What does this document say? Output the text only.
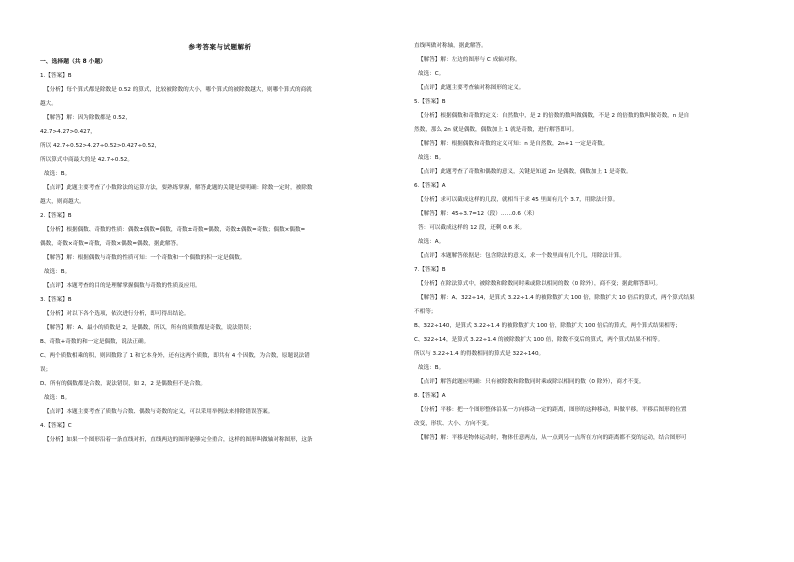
参考答案与试题解析
一、选择题（共 8 小题）
1.【答案】B
【分析】每个算式都是除数是 0.52 的算式，比较被除数的大小，哪个算式的被除数越大，则哪个算式的商就
越大。
【解答】解：因为除数都是 0.52，
42.7>4.27>0.427，
所以 42.7÷0.52>4.27÷0.52>0.427÷0.52，
所以算式中商最大的是 42.7÷0.52。
故选：B。
【点评】此题主要考查了小数除法的运算方法，要熟练掌握，解答此题的关键是要明确：除数一定时，被除数
越大，则商越大。
2.【答案】B
【分析】根据偶数、奇数的性质：偶数±偶数=偶数，奇数±奇数=偶数，奇数±偶数=奇数；偶数×偶数=
偶数，奇数×奇数=奇数，奇数×偶数=偶数，据此解答。
【解答】解：根据偶数与奇数的性质可知：一个奇数和一个偶数的积一定是偶数。
故选：B。
【点评】本题考查的目的是理解掌握偶数与奇数的性质及应用。
3.【答案】B
【分析】对以下各个选项，依次进行分析，即可得出结论。
【解答】解：A、最小的质数是 2，是偶数，所以，所有的质数都是奇数，说法错误；
B、奇数+奇数的和一定是偶数，说法正确。
C、两个质数相乘的积，则因数除了 1 和它本身外，还有这两个质数，即共有 4 个因数，为合数，原题说法错
误；
D、所有的偶数都是合数，说法错误，如 2，2 是偶数但不是合数。
故选：B。
【点评】本题主要考查了质数与合数、偶数与奇数的定义，可以采用举例法来排除错误答案。
4.【答案】C
【分析】如果一个图形沿着一条直线对折，直线两边的图形能够完全重合，这样的图形叫做轴对称图形，这条
直线叫做对称轴，据此解答。
【解答】解：左边的图形与 C 成轴对称。
故选：C。
【点评】此题主要考查轴对称图形的定义。
5.【答案】B
【分析】根据偶数和奇数的定义：自然数中，是 2 的倍数的数叫做偶数，不是 2 的倍数的数叫做奇数，n 是自
然数，那么 2n 就是偶数，偶数加上 1 就是奇数，进行解答即可。
【解答】解：根据偶数和奇数的定义可知：n 是自然数，2n+1 一定是奇数。
故选：B。
【点评】此题考查了奇数和偶数的意义，关键是知道 2n 是偶数，偶数加上 1 是奇数。
6.【答案】A
【分析】求可以截成这样的几段，就相当于求 45 里面有几个 3.7，用除法计算。
【解答】解：45÷3.7=12（段）……0.6（米）
答：可以截成这样的 12 段，还剩 0.6 米。
故选：A。
【点评】本题解答依据是：包含除法的意义，求一个数里面有几个几，用除法计算。
7.【答案】B
【分析】在除法算式中，被除数和除数同时乘或除以相同的数（0 除外），商不变；据此解答即可。
【解答】解：A、322÷14，是算式 3.22÷1.4 的被除数扩大 100 倍，除数扩大 10 倍后的算式，两个算式结果
不相等；
B、322÷140，是算式 3.22÷1.4 的被除数扩大 100 倍，除数扩大 100 倍后的算式，两个算式结果相等；
C、322÷14，是算式 3.22÷1.4 的被除数扩大 100 倍，除数不变后的算式，两个算式结果不相等。
所以与 3.22÷1.4 的得数相同的算式是 322÷140。
故选：B。
【点评】解答此题应明确：只有被除数和除数同时乘或除以相同的数（0 除外），商才不变。
8.【答案】A
【分析】平移：把一个图形整体沿某一方向移动一定的距离，图形的这种移动，叫做平移。平移后图形的位置
改变，形状、大小、方向不变。
【解答】解：平移是物体运动时，物体任意两点，从一点到另一点所在方向的距离都不变的运动，结合图形可
